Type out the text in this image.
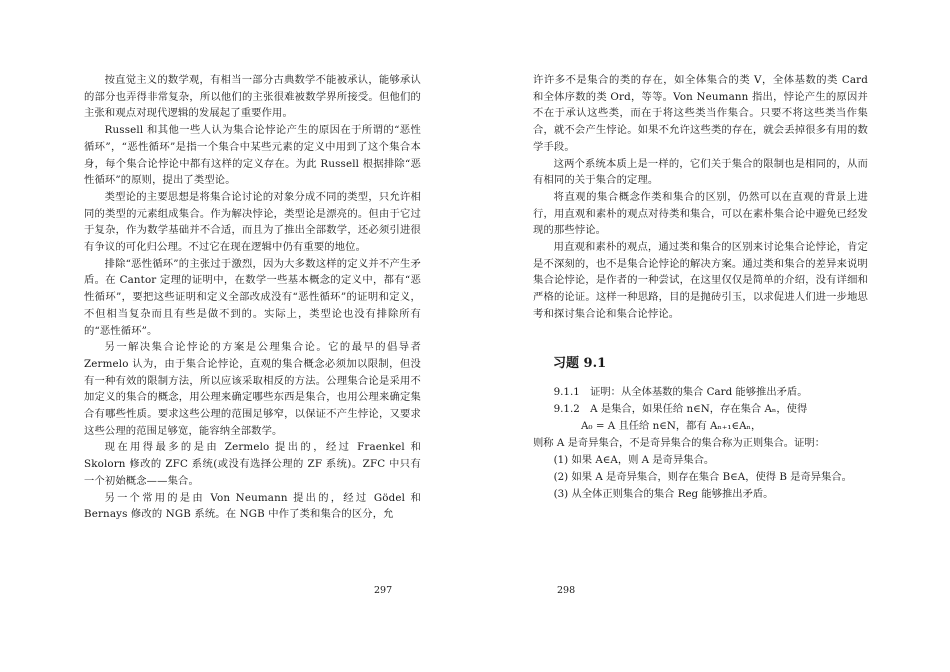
按直觉主义的数学观，有相当一部分古典数学不能被承认，能够承认的部分也弄得非常复杂，所以他们的主张很难被数学界所接受。但他们的主张和观点对现代逻辑的发展起了重要作用。

Russell 和其他一些人认为集合论悖论产生的原因在于所谓的“恶性循环”，“恶性循环”是指一个集合中某些元素的定义中用到了这个集合本身，每个集合论悖论中都有这样的定义存在。为此 Russell 根据排除“恶性循环”的原则，提出了类型论。

类型论的主要思想是将集合论讨论的对象分成不同的类型，只允许相同的类型的元素组成集合。作为解决悖论，类型论是漂亮的。但由于它过于复杂，作为数学基础并不合适，而且为了推出全部数学，还必须引进很有争议的可化归公理。不过它在现在逻辑中仍有重要的地位。

排除“恶性循环”的主张过于激烈，因为大多数这样的定义并不产生矛盾。在 Cantor 定理的证明中，在数学一些基本概念的定义中，都有“恶性循环”，要把这些证明和定义全部改成没有“恶性循环”的证明和定义，不但相当复杂而且有些是做不到的。实际上，类型论也没有排除所有的“恶性循环”。

另一解决集合论悖论的方案是公理集合论。它的最早的倡导者 Zermelo 认为，由于集合论悖论，直观的集合概念必须加以限制，但没有一种有效的限制方法，所以应该采取相反的方法。公理集合论是采用不加定义的集合的概念，用公理来确定哪些东西是集合，也用公理来确定集合有哪些性质。要求这些公理的范围足够窄，以保证不产生悖论，又要求这些公理的范围足够宽，能容纳全部数学。

现在用得最多的是由 Zermelo 提出的，经过 Fraenkel 和 Skolorn 修改的 ZFC 系统(或没有选择公理的 ZF 系统)。ZFC 中只有一个初始概念——集合。

另一个常用的是由 Von Neumann 提出的，经过 Gödel 和 Bernays 修改的 NGB 系统。在 NGB 中作了类和集合的区分，允

许许多不是集合的类的存在，如全体集合的类 V，全体基数的类 Card 和全体序数的类 Ord，等等。Von Neumann 指出，悖论产生的原因并不在于承认这些类，而在于将这些类当作集合。只要不将这些类当作集合，就不会产生悖论。如果不允许这些类的存在，就会丢掉很多有用的数学手段。

这两个系统本质上是一样的，它们关于集合的限制也是相同的，从而有相同的关于集合的定理。

将直观的集合概念作类和集合的区别，仍然可以在直观的背景上进行，用直观和素朴的观点对待类和集合，可以在素朴集合论中避免已经发现的那些悖论。

用直观和素朴的观点，通过类和集合的区别来讨论集合论悖论，肯定是不深刻的，也不是集合论悖论的解决方案。通过类和集合的差异来说明集合论悖论，是作者的一种尝试，在这里仅仅是简单的介绍，没有详细和严格的论证。这样一种思路，目的是抛砖引玉，以求促进人们进一步地思考和探讨集合论和集合论悖论。

习题 9.1

9.1.1　证明：从全体基数的集合 Card 能够推出矛盾。

9.1.2　A 是集合，如果任给 n∈N，存在集合 Aₙ，使得

A₀ = A 且任给 n∈N，都有 Aₙ₊₁∈Aₙ，

则称 A 是奇异集合，不是奇异集合的集合称为正则集合。证明：

(1) 如果 A∈A，则 A 是奇异集合。

(2) 如果 A 是奇异集合，则存在集合 B∈A，使得 B 是奇异集合。

(3) 从全体正则集合的集合 Reg 能够推出矛盾。

297	298
